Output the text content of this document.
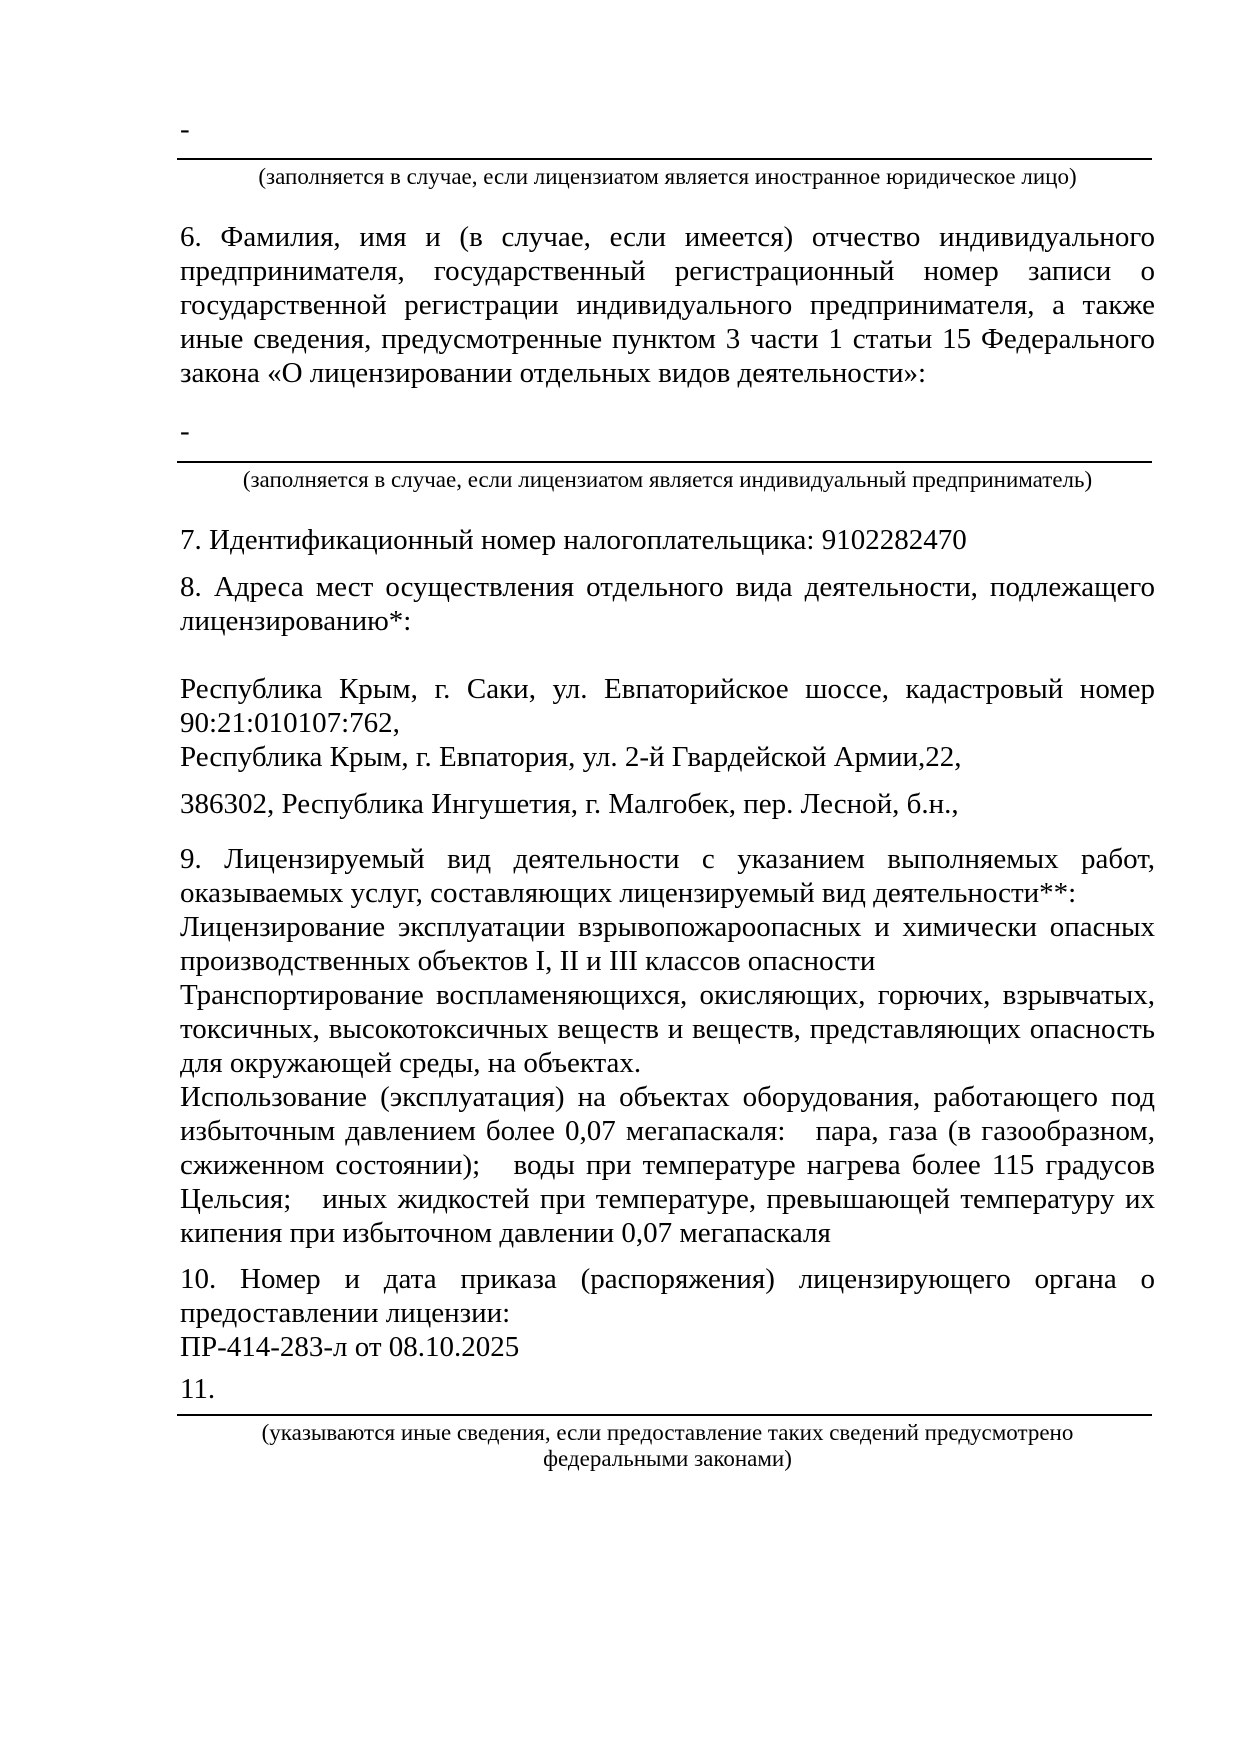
-
(заполняется в случае, если лицензиатом является иностранное юридическое лицо)
6. Фамилия, имя и (в случае, если имеется) отчество индивидуального
предпринимателя, государственный регистрационный номер записи о
государственной регистрации индивидуального предпринимателя, а также
иные сведения, предусмотренные пунктом 3 части 1 статьи 15 Федерального
закона «О лицензировании отдельных видов деятельности»:
-
(заполняется в случае, если лицензиатом является индивидуальный предприниматель)
7. Идентификационный номер налогоплательщика: 9102282470
8. Адреса мест осуществления отдельного вида деятельности, подлежащего
лицензированию*:
Республика Крым, г. Саки, ул. Евпаторийское шоссе, кадастровый номер
90:21:010107:762,
Республика Крым, г. Евпатория, ул. 2-й Гвардейской Армии,22,
386302, Республика Ингушетия, г. Малгобек, пер. Лесной, б.н.,
9. Лицензируемый вид деятельности с указанием выполняемых работ,
оказываемых услуг, составляющих лицензируемый вид деятельности**:
Лицензирование эксплуатации взрывопожароопасных и химически опасных
производственных объектов I, II и III классов опасности
Транспортирование воспламеняющихся, окисляющих, горючих, взрывчатых,
токсичных, высокотоксичных веществ и веществ, представляющих опасность
для окружающей среды, на объектах.
Использование (эксплуатация) на объектах оборудования, работающего под
избыточным давлением более 0,07 мегапаскаля:   пара, газа (в газообразном,
сжиженном состоянии);   воды при температуре нагрева более 115 градусов
Цельсия;   иных жидкостей при температуре, превышающей температуру их
кипения при избыточном давлении 0,07 мегапаскаля
10. Номер и дата приказа (распоряжения) лицензирующего органа о
предоставлении лицензии:
ПР-414-283-л от 08.10.2025
11.
(указываются иные сведения, если предоставление таких сведений предусмотрено
федеральными законами)
